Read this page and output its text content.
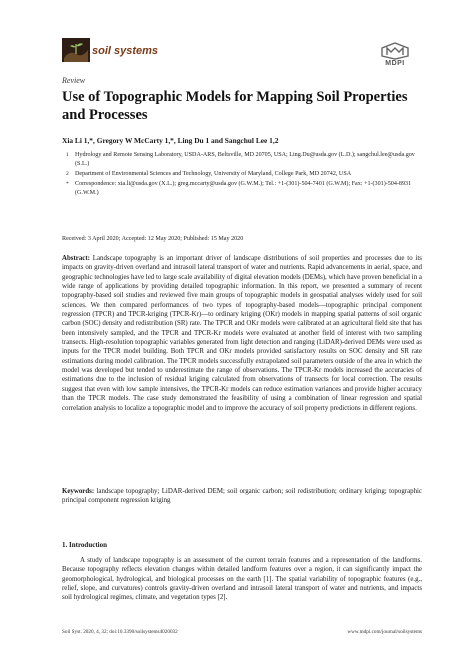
soil systems
MDPI
Review
Use of Topographic Models for Mapping Soil Properties and Processes
Xia Li 1,*, Gregory W McCarty 1,*, Ling Du 1 and Sangchul Lee 1,2
1	Hydrology and Remote Sensing Laboratory, USDA-ARS, Beltsville, MD 20705, USA; Ling.Du@usda.gov (L.D.); sangchul.lee@usda.gov (S.L.)
2	Department of Environmental Sciences and Technology, University of Maryland, College Park, MD 20742, USA
*	Correspondence: xia.li@usda.gov (X.L.); greg.mccarty@usda.gov (G.W.M.); Tel.: +1-(301)-504-7401 (G.W.M); Fax: +1-(301)-504-8931 (G.W.M.)
Received: 3 April 2020; Accepted: 12 May 2020; Published: 15 May 2020
Abstract: Landscape topography is an important driver of landscape distributions of soil properties and processes due to its impacts on gravity-driven overland and intrasoil lateral transport of water and nutrients. Rapid advancements in aerial, space, and geographic technologies have led to large scale availability of digital elevation models (DEMs), which have proven beneficial in a wide range of applications by providing detailed topographic information. In this report, we presented a summary of recent topography-based soil studies and reviewed five main groups of topographic models in geospatial analyses widely used for soil sciences. We then compared performances of two types of topography-based models—topographic principal component regression (TPCR) and TPCR-kriging (TPCR-Kr)—to ordinary kriging (OKr) models in mapping spatial patterns of soil organic carbon (SOC) density and redistribution (SR) rate. The TPCR and OKr models were calibrated at an agricultural field site that has been intensively sampled, and the TPCR and TPCR-Kr models were evaluated at another field of interest with two sampling transects. High-resolution topographic variables generated from light detection and ranging (LiDAR)-derived DEMs were used as inputs for the TPCR model building. Both TPCR and OKr models provided satisfactory results on SOC density and SR rate estimations during model calibration. The TPCR models successfully extrapolated soil parameters outside of the area in which the model was developed but tended to underestimate the range of observations. The TPCR-Kr models increased the accuracies of estimations due to the inclusion of residual kriging calculated from observations of transects for local correction. The results suggest that even with low sample intensives, the TPCR-Kr models can reduce estimation variances and provide higher accuracy than the TPCR models. The case study demonstrated the feasibility of using a combination of linear regression and spatial correlation analysis to localize a topographic model and to improve the accuracy of soil property predictions in different regions.
Keywords: landscape topography; LiDAR-derived DEM; soil organic carbon; soil redistribution; ordinary kriging; topographic principal component regression kriging
1. Introduction
A study of landscape topography is an assessment of the current terrain features and a representation of the landforms. Because topography reflects elevation changes within detailed landform features over a region, it can significantly impact the geomorphological, hydrological, and biological processes on the earth [1]. The spatial variability of topographic features (e.g., relief, slope, and curvatures) controls gravity-driven overland and intrasoil lateral transport of water and nutrients, and impacts soil hydrological regimes, climate, and vegetation types [2].
Soil Syst. 2020, 4, 32; doi:10.3390/soilsystems4020032	www.mdpi.com/journal/soilsystems
